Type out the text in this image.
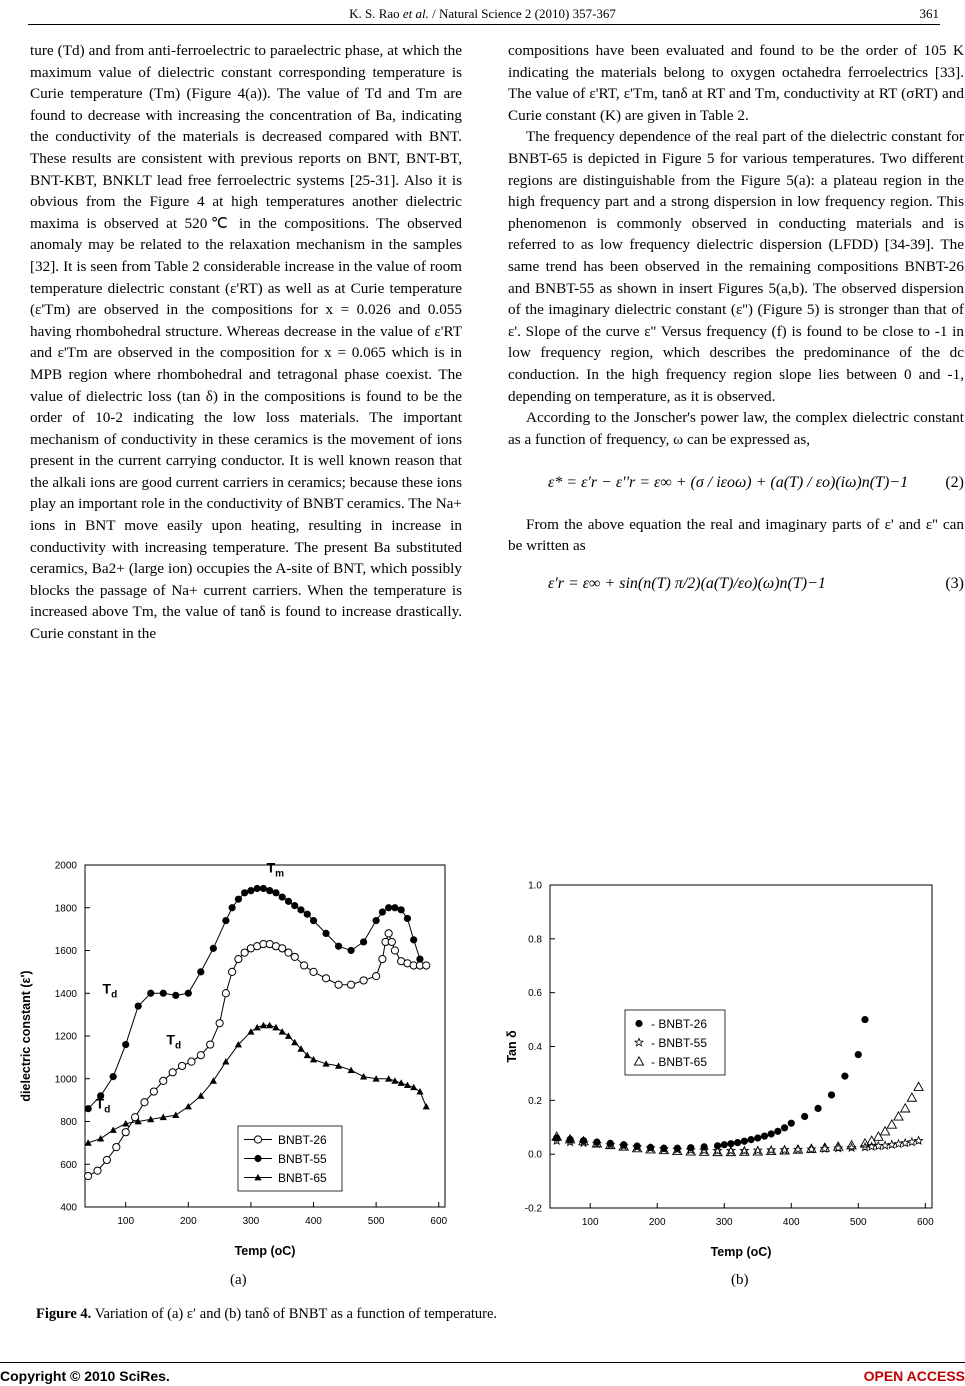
K. S. Rao et al. / Natural Science 2 (2010) 357-367	361

ture (Td) and from anti-ferroelectric to paraelectric phase, at which the maximum value of dielectric constant corresponding temperature is Curie temperature (Tm) (Figure 4(a)). The value of Td and Tm are found to decrease with increasing the concentration of Ba, indicating the conductivity of the materials is decreased compared with BNT. These results are consistent with previous reports on BNT, BNT-BT, BNT-KBT, BNKLT lead free ferroelectric systems [25-31]. Also it is obvious from the Figure 4 at high temperatures another dielectric maxima is observed at 520℃ in the compositions. The observed anomaly may be related to the relaxation mechanism in the samples [32]. It is seen from Table 2 considerable increase in the value of room temperature dielectric constant (ε'RT) as well as at Curie temperature (ε'Tm) are observed in the compositions for x = 0.026 and 0.055 having rhombohedral structure. Whereas decrease in the value of ε'RT and ε'Tm are observed in the composition for x = 0.065 which is in MPB region where rhombohedral and tetragonal phase coexist. The value of dielectric loss (tan δ) in the compositions is found to be the order of 10-2 indicating the low loss materials. The important mechanism of conductivity in these ceramics is the movement of ions present in the current carrying conductor. It is well known reason that the alkali ions are good current carriers in ceramics; because these ions play an important role in the conductivity of BNBT ceramics. The Na+ ions in BNT move easily upon heating, resulting in increase in conductivity with increasing temperature. The present Ba substituted ceramics, Ba2+ (large ion) occupies the A-site of BNT, which possibly blocks the passage of Na+ current carriers. When the temperature is increased above Tm, the value of tanδ is found to increase drastically. Curie constant in the

compositions have been evaluated and found to be the order of 105 K indicating the materials belong to oxygen octahedra ferroelectrics [33]. The value of ε'RT, ε'Tm, tanδ at RT and Tm, conductivity at RT (σRT) and Curie constant (K) are given in Table 2.

The frequency dependence of the real part of the dielectric constant for BNBT-65 is depicted in Figure 5 for various temperatures. Two different regions are distinguishable from the Figure 5(a): a plateau region in the high frequency part and a strong dispersion in low frequency region. This phenomenon is commonly observed in conducting materials and is referred to as low frequency dielectric dispersion (LFDD) [34-39]. The same trend has been observed in the remaining compositions BNBT-26 and BNBT-55 as shown in insert Figures 5(a,b). The observed dispersion of the imaginary dielectric constant (ε'') (Figure 5) is stronger than that of ε'. Slope of the curve ε'' Versus frequency (f) is found to be close to -1 in low frequency region, which describes the predominance of the dc conduction. In the high frequency region slope lies between 0 and -1, depending on temperature, as it is observed.

According to the Jonscher's power law, the complex dielectric constant as a function of frequency, ω can be expressed as,

ε* = ε'r − ε''r = ε∞ + (σ / iεoω) + (a(T) / εo)(iω)n(T)−1 (2)

From the above equation the real and imaginary parts of ε' and ε'' can be written as

ε'r = ε∞ + sin(n(T) π/2)(a(T)/εo)(ω)n(T)−1	(3)
100	200	300	400	500	600
400
600
800
1000
1200
1400
1600
1800
2000
Temp (oC)
dielectric constant (ε')
BNBT-26
BNBT-55
BNBT-65
$T_m$
$T_d$
$T_d$
$T_d$
100	200	300	400	500	600
-0.2
0.0
0.2
0.4
0.6
0.8
1.0
Temp (oC)
Tan δ
- BNBT-26
- BNBT-55
- BNBT-65
(a)	(b)
Figure 4. Variation of (a) ε′ and (b) tanδ of BNBT as a function of temperature.
Copyright © 2010 SciRes.	OPEN ACCESS
